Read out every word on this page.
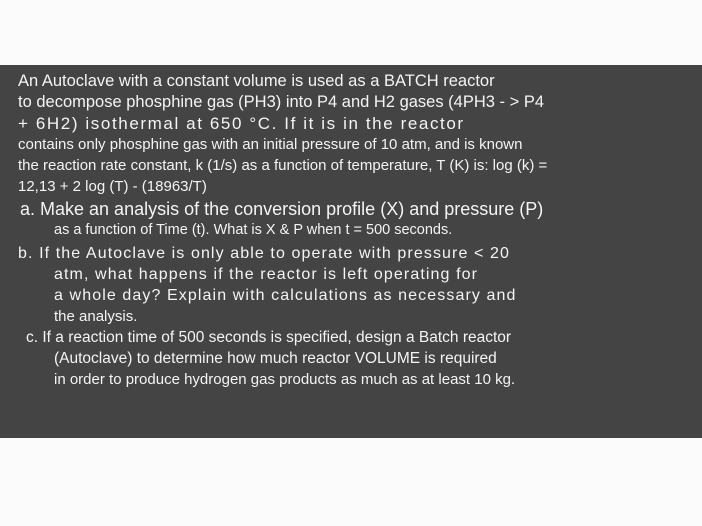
An Autoclave with a constant volume is used as a BATCH reactor
to decompose phosphine gas (PH3) into P4 and H2 gases (4PH3 - > P4
+ 6H2) isothermal at 650 °C. If it is in the reactor
contains only phosphine gas with an initial pressure of 10 atm, and is known
the reaction rate constant, k (1/s) as a function of temperature, T (K) is: log (k) =
12,13 + 2 log (T) - (18963/T)
a. Make an analysis of the conversion profile (X) and pressure (P)
as a function of Time (t). What is X & P when t = 500 seconds.
b. If the Autoclave is only able to operate with pressure < 20
atm, what happens if the reactor is left operating for
a whole day? Explain with calculations as necessary and
the analysis.
c. If a reaction time of 500 seconds is specified, design a Batch reactor
(Autoclave) to determine how much reactor VOLUME is required
in order to produce hydrogen gas products as much as at least 10 kg.
